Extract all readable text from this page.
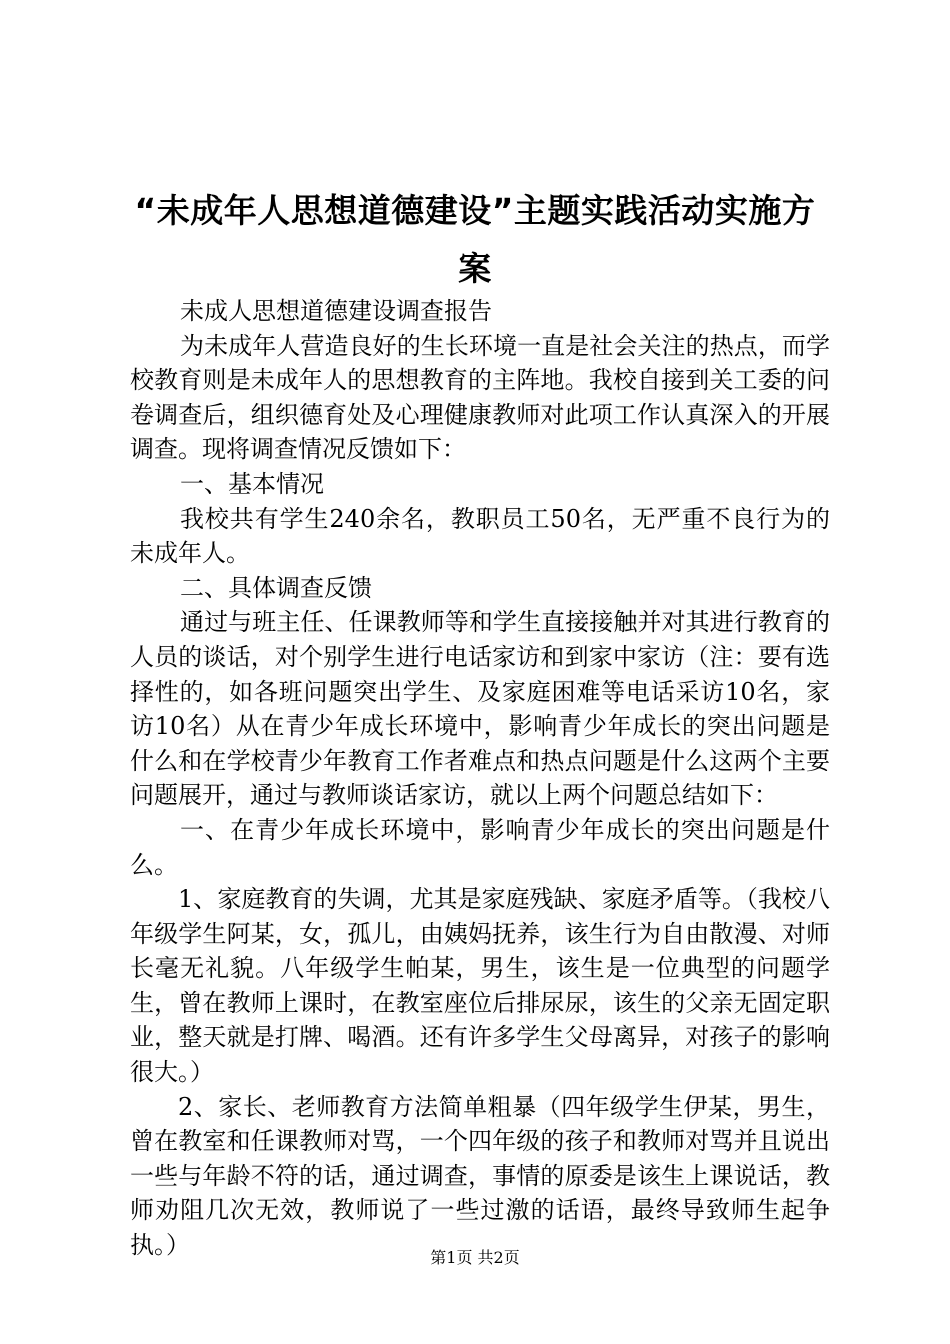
“未成年人思想道德建设”主题实践活动实施方案

未成人思想道德建设调查报告

为未成年人营造良好的生长环境一直是社会关注的热点，而学校教育则是未成年人的思想教育的主阵地。我校自接到关工委的问卷调查后，组织德育处及心理健康教师对此项工作认真深入的开展调查。现将调查情况反馈如下：

一、基本情况

我校共有学生240余名，教职员工50名，无严重不良行为的未成年人。

二、具体调查反馈

通过与班主任、任课教师等和学生直接接触并对其进行教育的人员的谈话，对个别学生进行电话家访和到家中家访（注：要有选择性的，如各班问题突出学生、及家庭困难等电话采访10名，家访10名）从在青少年成长环境中，影响青少年成长的突出问题是什么和在学校青少年教育工作者难点和热点问题是什么这两个主要问题展开，通过与教师谈话家访，就以上两个问题总结如下：

一、在青少年成长环境中，影响青少年成长的突出问题是什么。

1、家庭教育的失调，尤其是家庭残缺、家庭矛盾等。（我校八年级学生阿某，女，孤儿，由姨妈抚养，该生行为自由散漫、对师长毫无礼貌。八年级学生帕某，男生，该生是一位典型的问题学生，曾在教师上课时，在教室座位后排尿尿，该生的父亲无固定职业，整天就是打牌、喝酒。还有许多学生父母离异，对孩子的影响很大。）

2、家长、老师教育方法简单粗暴（四年级学生伊某，男生，曾在教室和任课教师对骂，一个四年级的孩子和教师对骂并且说出一些与年龄不符的话，通过调查，事情的原委是该生上课说话，教师劝阻几次无效，教师说了一些过激的话语，最终导致师生起争执。）	第1页 共2页
